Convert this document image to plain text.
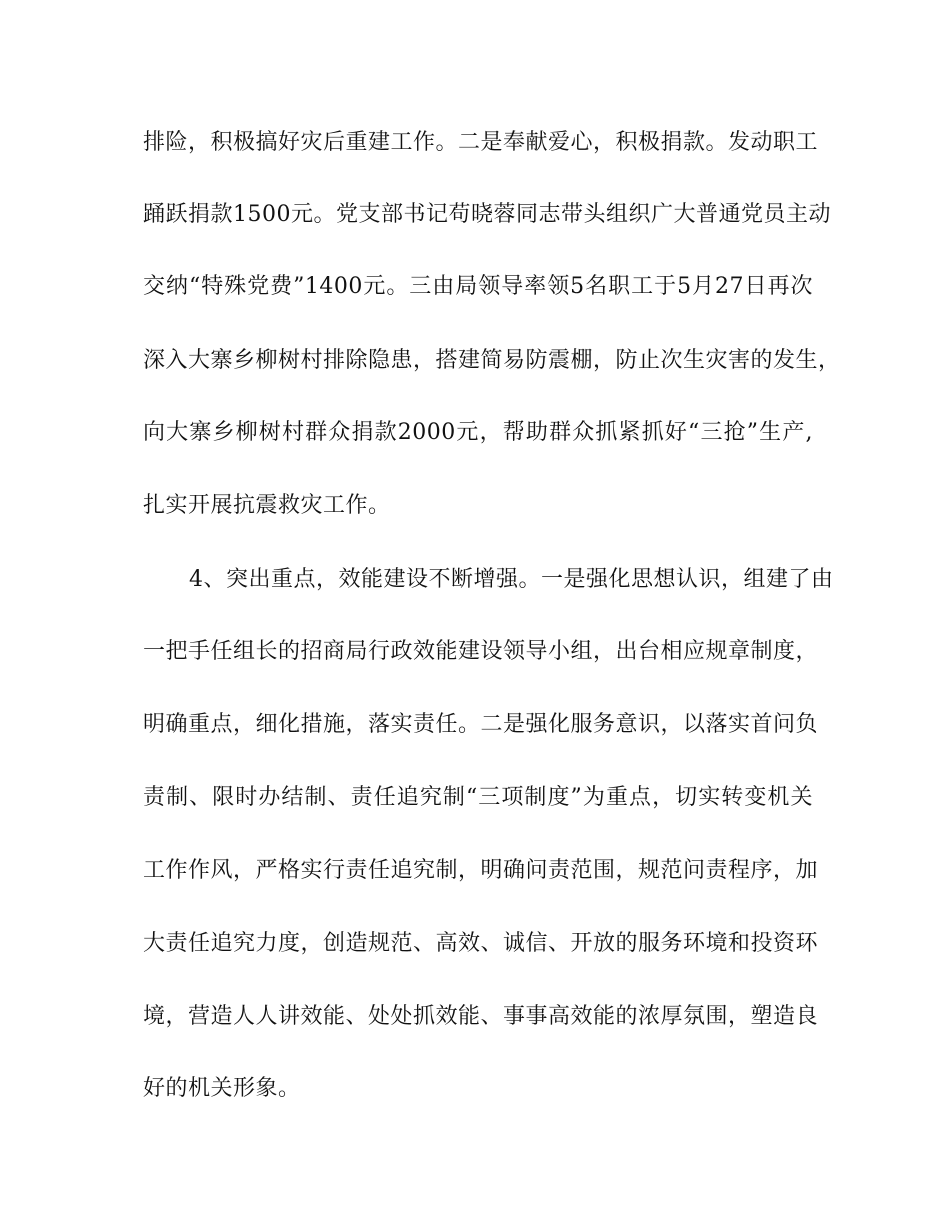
排险，积极搞好灾后重建工作。二是奉献爱心，积极捐款。发动职工
踊跃捐款1500元。党支部书记苟晓蓉同志带头组织广大普通党员主动
交纳“特殊党费”1400元。三由局领导率领5名职工于5月27日再次
深入大寨乡柳树村排除隐患，搭建简易防震棚，防止次生灾害的发生，
向大寨乡柳树村群众捐款2000元，帮助群众抓紧抓好“三抢”生产,
扎实开展抗震救灾工作。
4、突出重点，效能建设不断增强。一是强化思想认识，组建了由
一把手任组长的招商局行政效能建设领导小组，出台相应规章制度，
明确重点，细化措施，落实责任。二是强化服务意识，以落实首问负
责制、限时办结制、责任追究制“三项制度”为重点，切实转变机关
工作作风，严格实行责任追究制，明确问责范围，规范问责程序，加
大责任追究力度，创造规范、高效、诚信、开放的服务环境和投资环
境，营造人人讲效能、处处抓效能、事事高效能的浓厚氛围，塑造良
好的机关形象。
